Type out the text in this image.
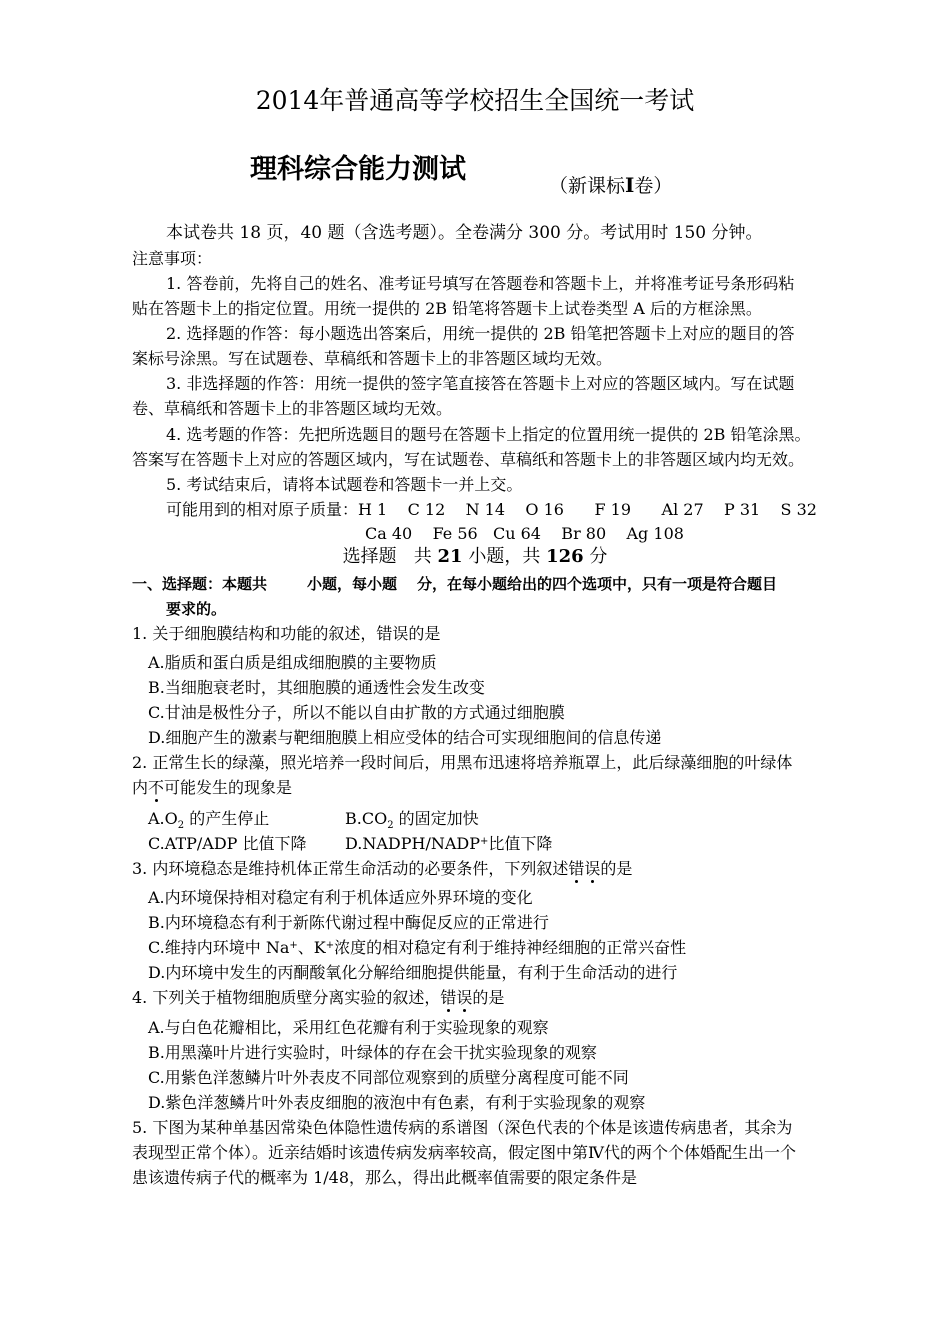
2014年普通高等学校招生全国统一考试
理科综合能力测试
（新课标I卷）
本试卷共 18 页，40 题（含选考题）。全卷满分 300 分。考试用时 150 分钟。
注意事项：
1. 答卷前，先将自己的姓名、准考证号填写在答题卷和答题卡上，并将准考证号条形码粘
贴在答题卡上的指定位置。用统一提供的 2B 铅笔将答题卡上试卷类型 A 后的方框涂黑。
2. 选择题的作答：每小题选出答案后，用统一提供的 2B 铅笔把答题卡上对应的题目的答
案标号涂黑。写在试题卷、草稿纸和答题卡上的非答题区域均无效。
3. 非选择题的作答：用统一提供的签字笔直接答在答题卡上对应的答题区域内。写在试题
卷、草稿纸和答题卡上的非答题区域均无效。
4. 选考题的作答：先把所选题目的题号在答题卡上指定的位置用统一提供的 2B 铅笔涂黑。
答案写在答题卡上对应的答题区域内，写在试题卷、草稿纸和答题卡上的非答题区域内均无效。
5. 考试结束后，请将本试题卷和答题卡一并上交。
可能用到的相对原子质量：H 1    C 12    N 14    O 16      F 19      Al 27    P 31    S 32
Ca 40    Fe 56   Cu 64    Br 80    Ag 108
选择题 共 21 小题，共 126 分
一、选择题：本题共	小题，每小题 分，在每小题给出的四个选项中，只有一项是符合题目
要求的。
1. 关于细胞膜结构和功能的叙述，错误的是
A.脂质和蛋白质是组成细胞膜的主要物质
B.当细胞衰老时，其细胞膜的通透性会发生改变
C.甘油是极性分子，所以不能以自由扩散的方式通过细胞膜
D.细胞产生的激素与靶细胞膜上相应受体的结合可实现细胞间的信息传递
2. 正常生长的绿藻，照光培养一段时间后，用黑布迅速将培养瓶罩上，此后绿藻细胞的叶绿体
内不可能发生的现象是
$A.O_2$ 的产生停止	$B.CO_2$ 的固定加快
C.ATP/ADP 比值下降 D.NADPH/NADP+比值下降
3. 内环境稳态是维持机体正常生命活动的必要条件，下列叙述错误的是
A.内环境保持相对稳定有利于机体适应外界环境的变化
B.内环境稳态有利于新陈代谢过程中酶促反应的正常进行
C.维持内环境中 Na+、K+浓度的相对稳定有利于维持神经细胞的正常兴奋性
D.内环境中发生的丙酮酸氧化分解给细胞提供能量，有利于生命活动的进行
4. 下列关于植物细胞质壁分离实验的叙述，错误的是
A.与白色花瓣相比，采用红色花瓣有利于实验现象的观察
B.用黑藻叶片进行实验时，叶绿体的存在会干扰实验现象的观察
C.用紫色洋葱鳞片叶外表皮不同部位观察到的质壁分离程度可能不同
D.紫色洋葱鳞片叶外表皮细胞的液泡中有色素，有利于实验现象的观察
5. 下图为某种单基因常染色体隐性遗传病的系谱图（深色代表的个体是该遗传病患者，其余为
表现型正常个体）。近亲结婚时该遗传病发病率较高，假定图中第Ⅳ代的两个个体婚配生出一个
患该遗传病子代的概率为 1/48，那么，得出此概率值需要的限定条件是
